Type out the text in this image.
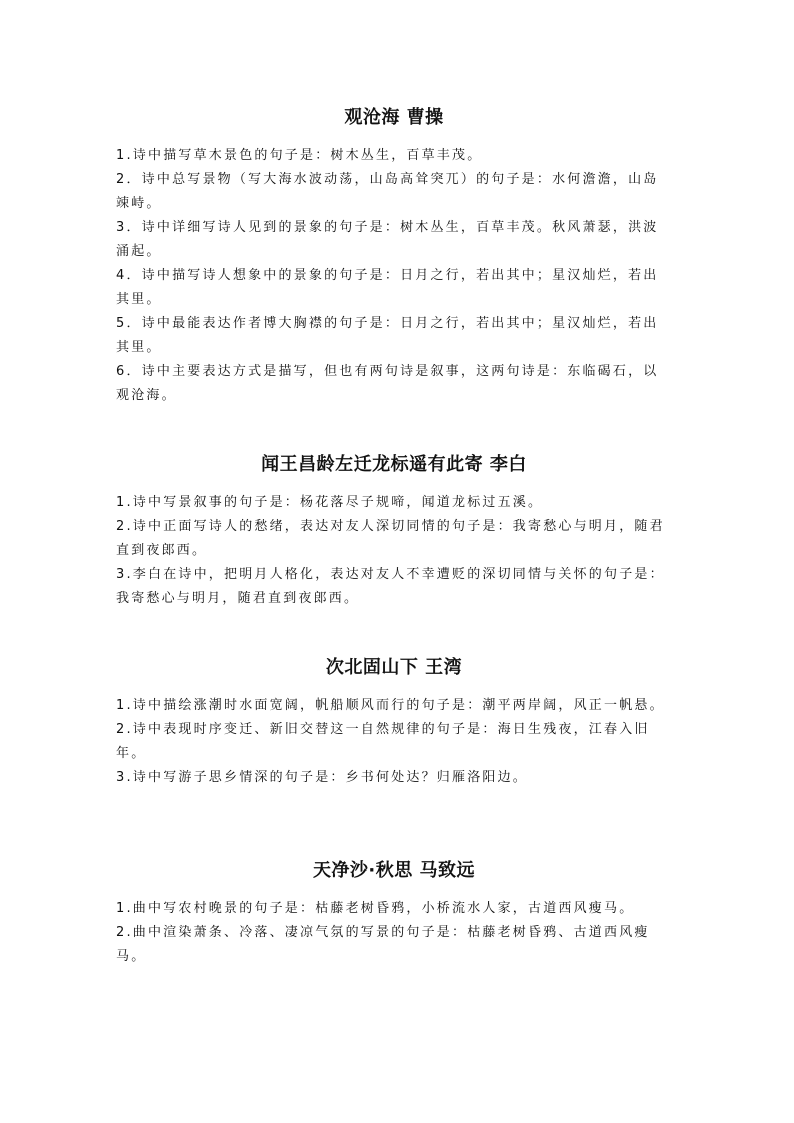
观沧海 曹操

1.诗中描写草木景色的句子是：树木丛生，百草丰茂。

2．诗中总写景物（写大海水波动荡，山岛高耸突兀）的句子是：水何澹澹，山岛竦峙。

3．诗中详细写诗人见到的景象的句子是：树木丛生，百草丰茂。秋风萧瑟，洪波涌起。

4．诗中描写诗人想象中的景象的句子是：日月之行，若出其中；星汉灿烂，若出其里。

5．诗中最能表达作者博大胸襟的句子是：日月之行，若出其中；星汉灿烂，若出其里。

6．诗中主要表达方式是描写，但也有两句诗是叙事，这两句诗是：东临碣石，以观沧海。

闻王昌龄左迁龙标遥有此寄 李白

1.诗中写景叙事的句子是：杨花落尽子规啼，闻道龙标过五溪。

2.诗中正面写诗人的愁绪，表达对友人深切同情的句子是：我寄愁心与明月，随君直到夜郎西。

3.李白在诗中，把明月人格化，表达对友人不幸遭贬的深切同情与关怀的句子是：我寄愁心与明月，随君直到夜郎西。

次北固山下 王湾

1.诗中描绘涨潮时水面宽阔，帆船顺风而行的句子是：潮平两岸阔，风正一帆悬。

2.诗中表现时序变迁、新旧交替这一自然规律的句子是：海日生残夜，江春入旧年。

3.诗中写游子思乡情深的句子是：乡书何处达？归雁洛阳边。

天净沙·秋思 马致远

1.曲中写农村晚景的句子是：枯藤老树昏鸦，小桥流水人家，古道西风瘦马。

2.曲中渲染萧条、冷落、凄凉气氛的写景的句子是：枯藤老树昏鸦、古道西风瘦马。
